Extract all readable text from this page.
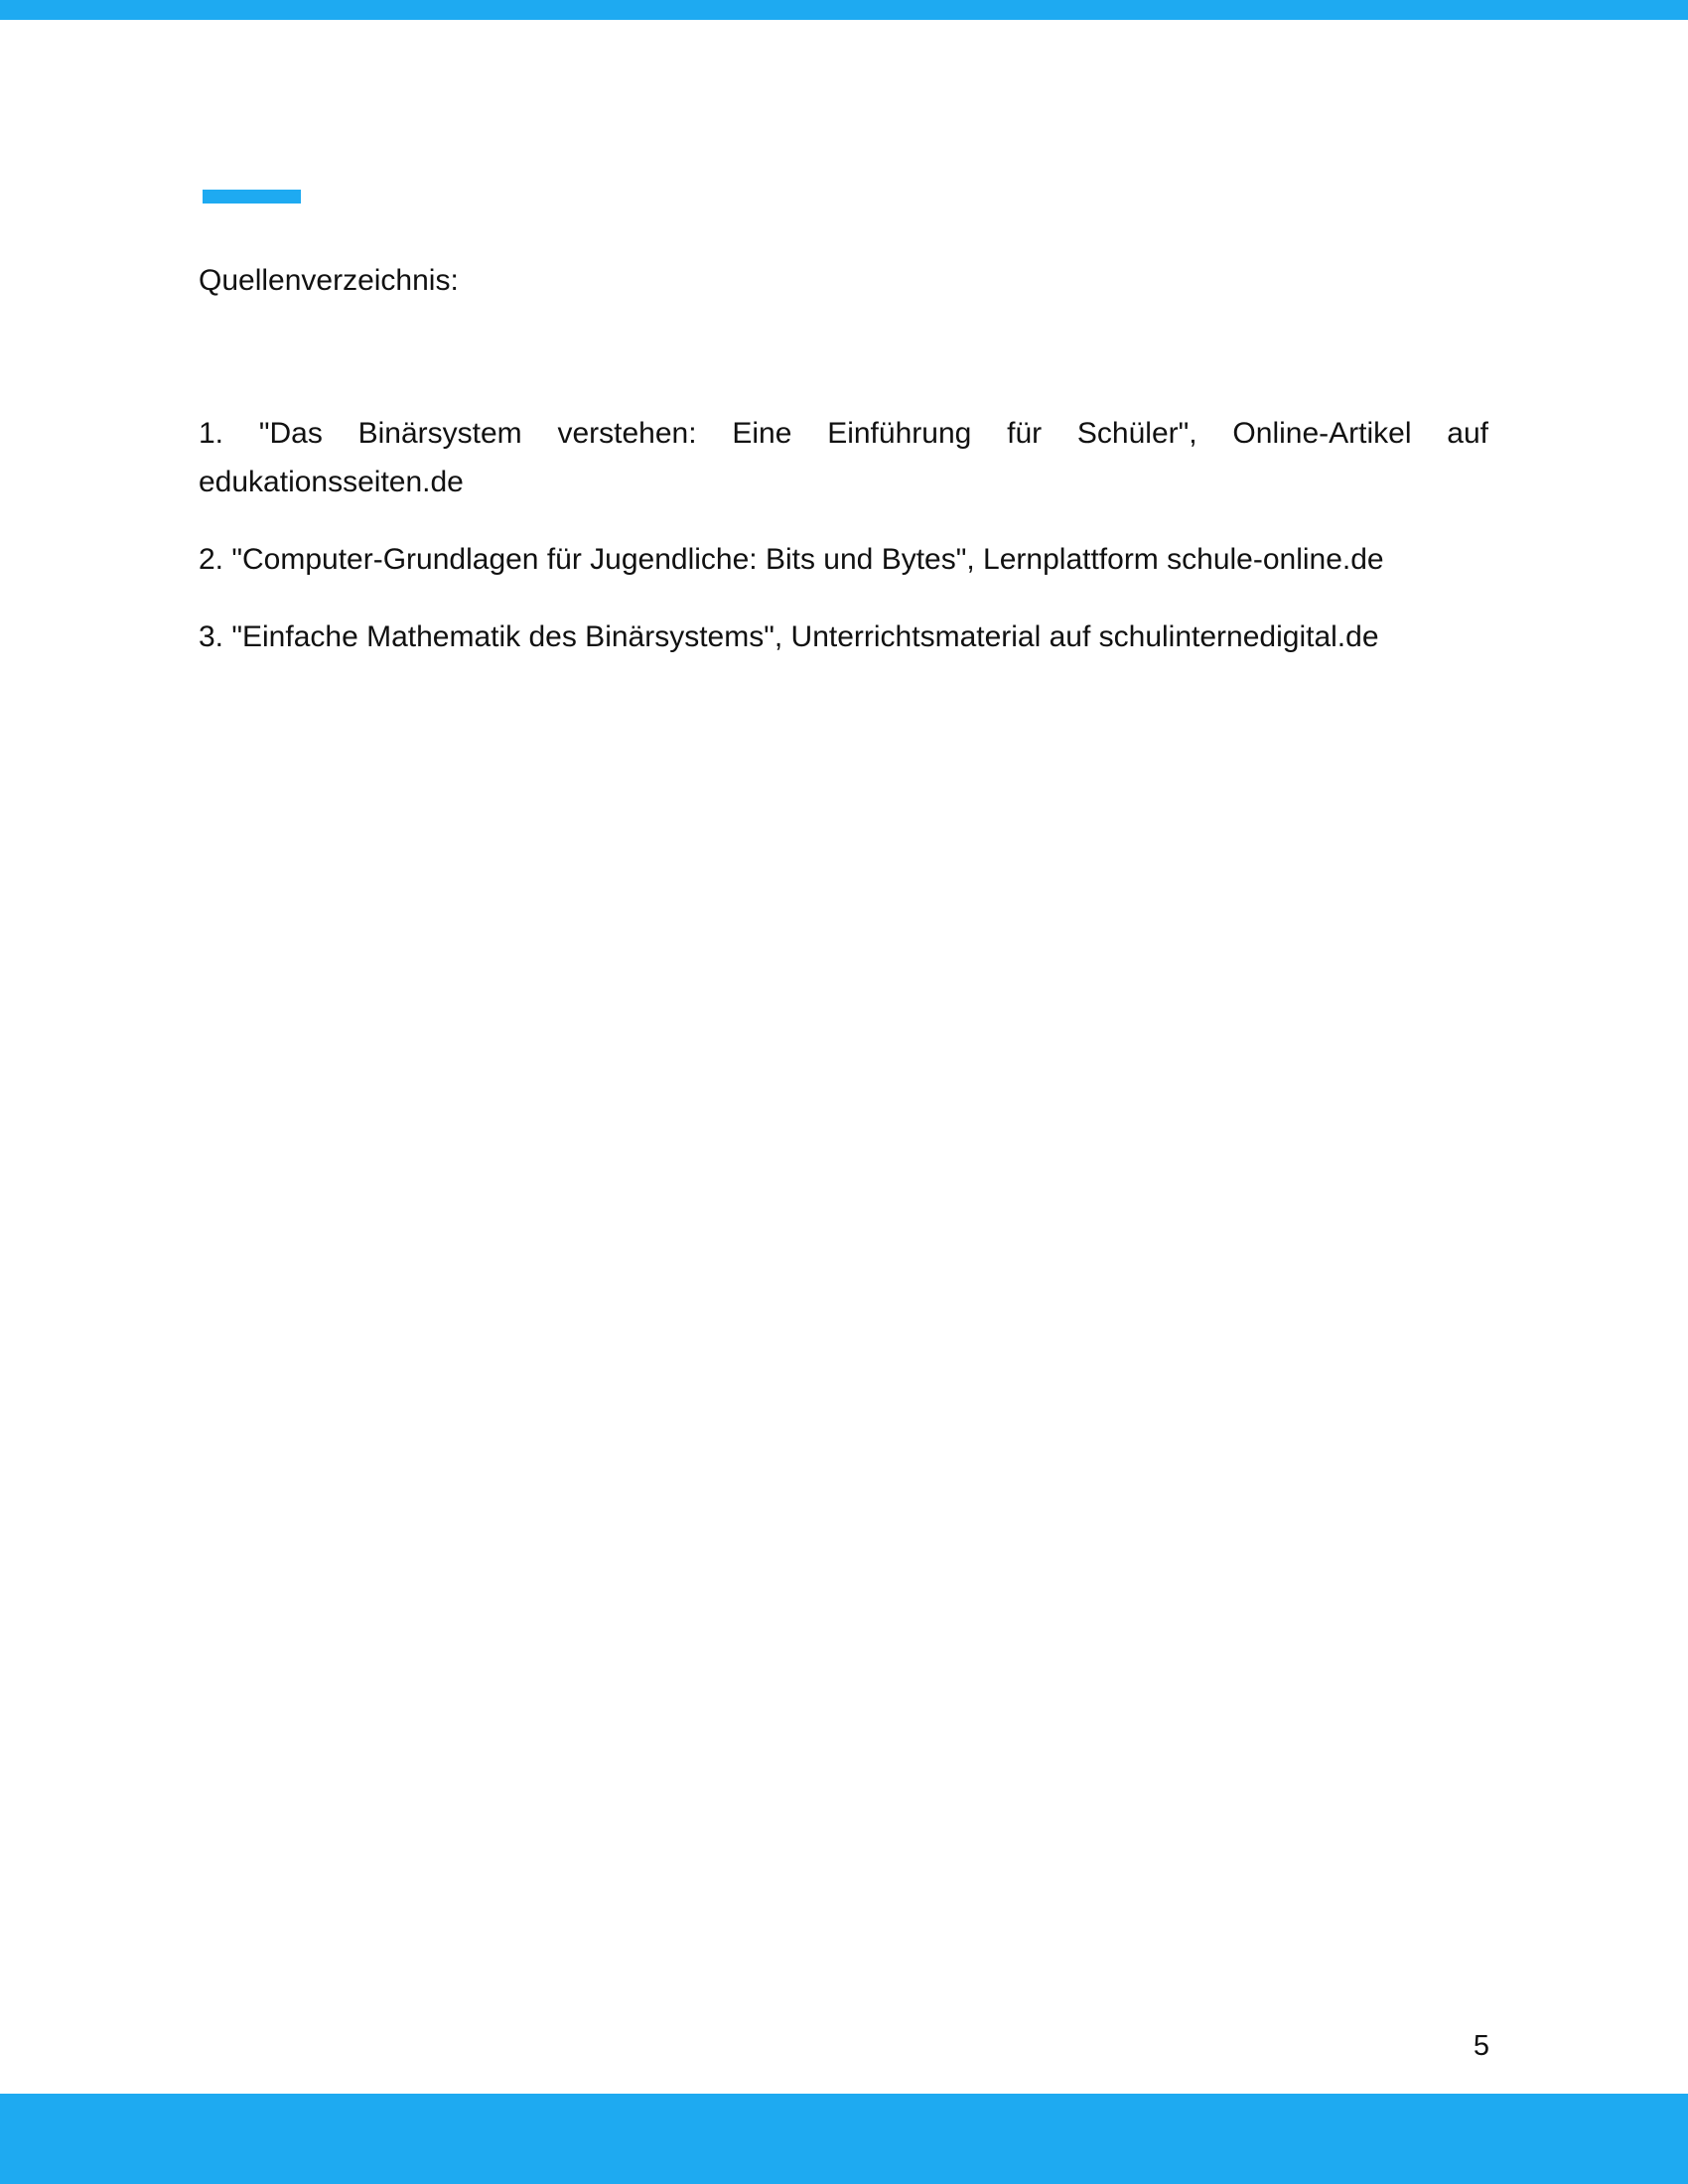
Quellenverzeichnis:
1. "Das Binärsystem verstehen: Eine Einführung für Schüler", Online-Artikel auf edukationsseiten.de
2. "Computer-Grundlagen für Jugendliche: Bits und Bytes", Lernplattform schule-online.de
3. "Einfache Mathematik des Binärsystems", Unterrichtsmaterial auf schulinternedigital.de
5
